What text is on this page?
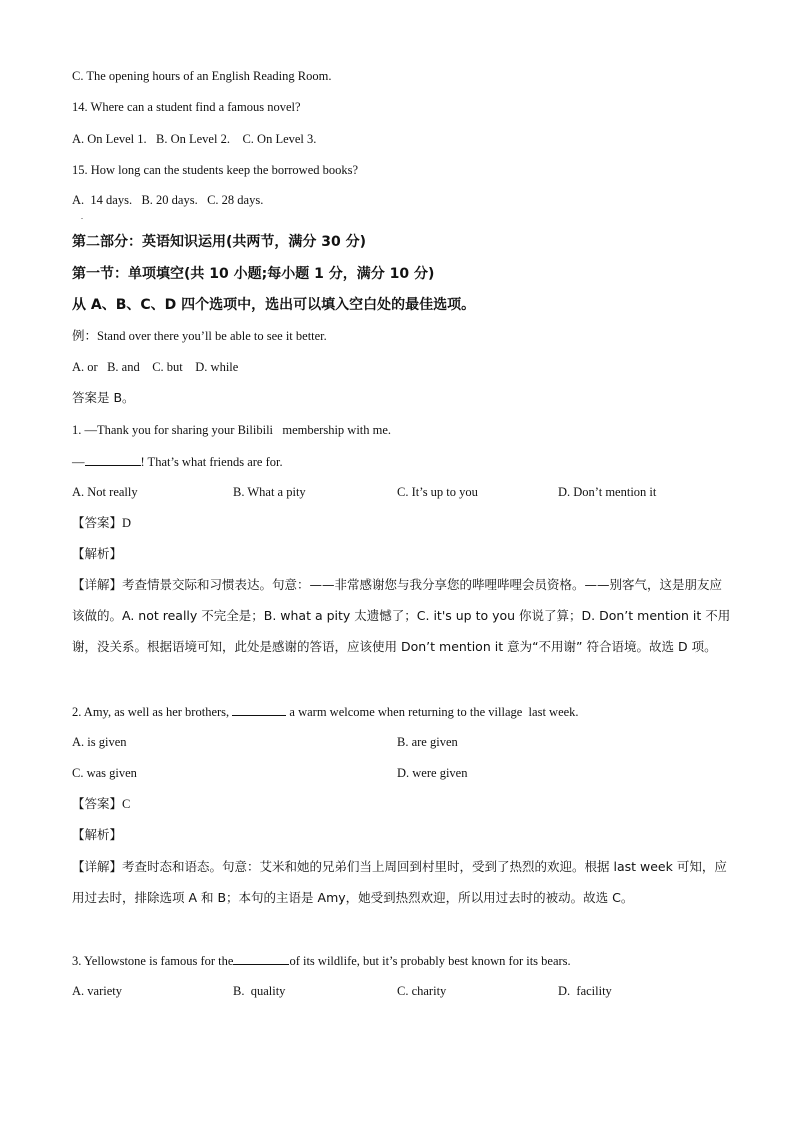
C. The opening hours of an English Reading Room.
14. Where can a student find a famous novel?
A. On Level 1.   B. On Level 2.    C. On Level 3.
15. How long can the students keep the borrowed books?
A.  14 days.   B. 20 days.   C. 28 days.
.
第二部分：英语知识运用(共两节，满分 30 分)
第一节：单项填空(共 10 小题;每小题 1 分，满分 10 分)
从 A、B、C、D 四个选项中，选出可以填入空白处的最佳选项。
例：Stand over there you’ll be able to see it better.
A. or   B. and    C. but    D. while
答案是 B。
1. —Thank you for sharing your Bilibili   membership with me.
—	! That’s what friends are for.
A. Not really	B. What a pity	C. It’s up to you	D. Don’t mention it
【答案】D
【解析】
【详解】考查情景交际和习惯表达。句意：——非常感谢您与我分享您的哔哩哔哩会员资格。——别客气，这是朋友应该做的。A. not really 不完全是；B. what a pity 太遗憾了；C. it's up to you 你说了算；D. Don’t mention it 不用谢，没关系。根据语境可知，此处是感谢的答语，应该使用 Don’t mention it 意为“不用谢” 符合语境。故选 D 项。
2. Amy, as well as her brothers,	a warm welcome when returning to the village  last week.
A. is given	B. are given
C. was given	D. were given
【答案】C
【解析】
【详解】考查时态和语态。句意：艾米和她的兄弟们当上周回到村里时，受到了热烈的欢迎。根据 last week 可知，应用过去时，排除选项 A 和 B；本句的主语是 Amy，她受到热烈欢迎，所以用过去时的被动。故选 C。
3. Yellowstone is famous for the	of its wildlife, but it’s probably best known for its bears.
A. variety	B.  quality	C. charity	D.  facility
